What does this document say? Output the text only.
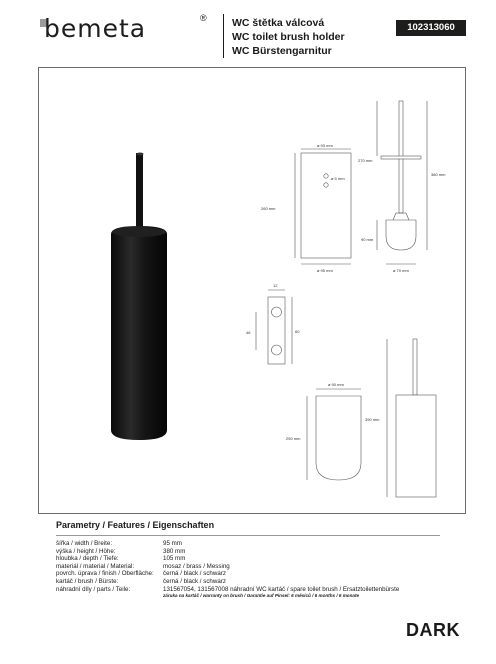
bemeta	® WC štětka válcová
WC toilet brush holder
WC Bürstengarnitur
102313060
ø 93 mm
ø 5 mm
260 mm
ø 95 mm
270 mm
380 mm
90 mm
ø 70 mm
12
46	60
ø 90 mm
250 mm
390 mm
Parametry / Features / Eigenschaften
šířka / width / Breite:	95 mm
výška / height / Höhe:	380 mm
hloubka / depth / Tiefe:	105 mm
materiál / material / Material:	mosaz / brass / Messing
povrch. úprava / finish / Oberfläche:	černá / black / schwarz
kartáč / brush / Bürste:	černá / black / schwarz
náhradní díly / parts / Teile:	131567054, 131567008 náhradní WC kartáč / spare toilet brush / Ersatztoilettenbürste
záruka na kartáč / warranty on brush / Garantie auf Pinsel: 6 měsíců / 6 months / 6 monate
DARK
